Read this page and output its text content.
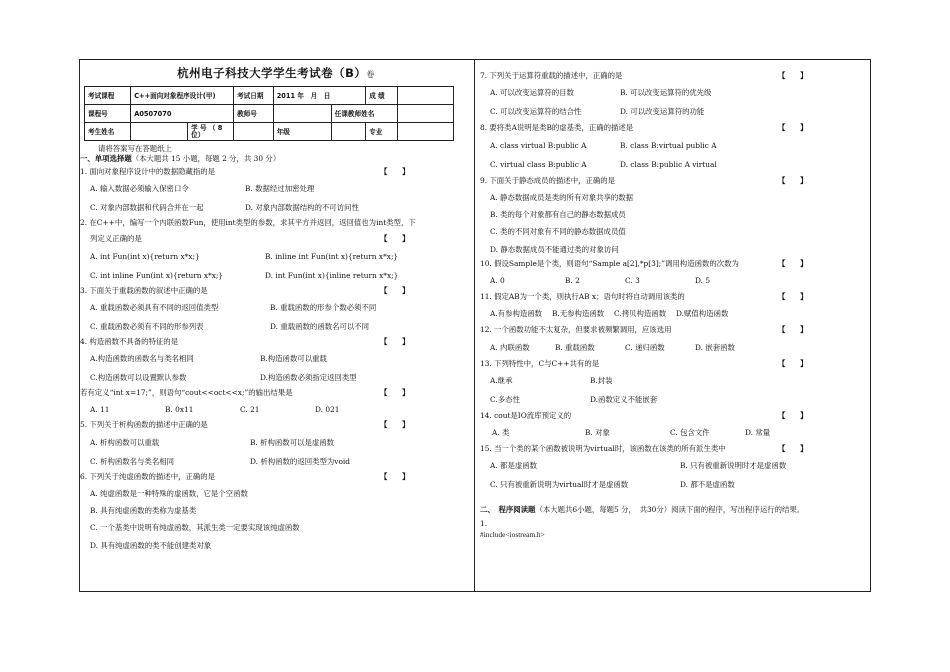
杭州电子科技大学学生考试卷（B）卷
考试课程	C++面向对象程序设计(甲)		考试日期	2011 年　月　日		成 绩	
课程号	A0507070		教师号		任课教师姓名		
考生姓名		学 号 （ 8 位）		年级		专业	
请将答案写在答题纸上
一、单项选择题（本大题共 15 小题，每题 2 分，共 30 分）
1. 面向对象程序设计中的数据隐藏指的是	【　　】
A. 输入数据必须输入保密口令	B. 数据经过加密处理
C. 对象内部数据和代码合并在一起	D. 对象内部数据结构的不可访问性
2. 在C++中，编写一个内联函数Fun，使用int类型的参数，求其平方并返回，返回值也为int类型，下
列定义正确的是	【　　】
A. int Fun(int x){return x*x;}	B. inline int Fun(int x){return x*x;}
C. int inline Fun(int x){return x*x;}	D. int Fun(int x){inline return x*x;}
3. 下面关于重载函数的叙述中正确的是	【　　】
A. 重载函数必须具有不同的返回值类型	B. 重载函数的形参个数必须不同
C. 重载函数必须有不同的形参列表	D. 重载函数的函数名可以不同
4. 构造函数不具备的特征的是	【　　】
A.构造函数的函数名与类名相同	B.构造函数可以重载
C.构造函数可以设置默认参数	D.构造函数必须指定返回类型
若有定义“int x=17;”，则语句“cout<<oct<<x;”的输出结果是	【　　】
A. 11	B. 0x11	C. 21	D. 021
5. 下列关于析构函数的描述中正确的是	【　　】
A. 析构函数可以重载	B. 析构函数可以是虚函数
C. 析构函数名与类名相同	D. 析构函数的返回类型为void
6. 下列关于纯虚函数的描述中，正确的是	【　　】
A. 纯虚函数是一种特殊的虚函数，它是个空函数
B. 具有纯虚函数的类称为虚基类
C. 一个基类中说明有纯虚函数，其派生类一定要实现该纯虚函数
D. 具有纯虚函数的类不能创建类对象
7. 下列关于运算符重载的描述中，正确的是	【　　】
A. 可以改变运算符的目数	B. 可以改变运算符的优先级
C. 可以改变运算符的结合性	D. 可以改变运算符的功能
8. 要将类A说明是类B的虚基类，正确的描述是	【　　】
A. class virtual B:public A	B. class B:virtual public A
C. virtual class B:public A	D. class B:public A virtual
9. 下面关于静态成员的描述中，正确的是	【　　】
A. 静态数据成员是类的所有对象共享的数据
B. 类的每个对象都有自己的静态数据成员
C. 类的不同对象有不同的静态数据成员值
D. 静态数据成员不能通过类的对象访问
10. 假设Sample是个类，则语句“Sample a[2],*p[3];”调用构造函数的次数为	【　　】
A. 0	B. 2	C. 3	D. 5
11. 假定AB为一个类，则执行AB x；语句时将自动调用该类的	【　　】
A.有参构造函数 B.无参构造函数 C.拷贝构造函数 D.赋值构造函数
12. 一个函数功能不太复杂，但要求被频繁调用，应该选用	【　　】
A. 内联函数	B. 重载函数	C. 递归函数	D. 嵌套函数
13. 下列特性中，C与C++共有的是	【　　】
A.继承	B.封装
C.多态性	D.函数定义不能嵌套
14. cout是IO流库预定义的	【　　】
A. 类	B. 对象	C. 包含文件	D. 常量
15. 当一个类的某个函数被说明为virtual时，该函数在该类的所有派生类中	【　　】
A. 都是虚函数	B. 只有被重新说明时才是虚函数
C. 只有被重新说明为virtual时才是虚函数	D. 都不是虚函数
二、　程序阅读题（本大题共6小题，每题5 分，　共30分）阅读下面的程序，写出程序运行的结果。
1.
#include<iostream.h>
